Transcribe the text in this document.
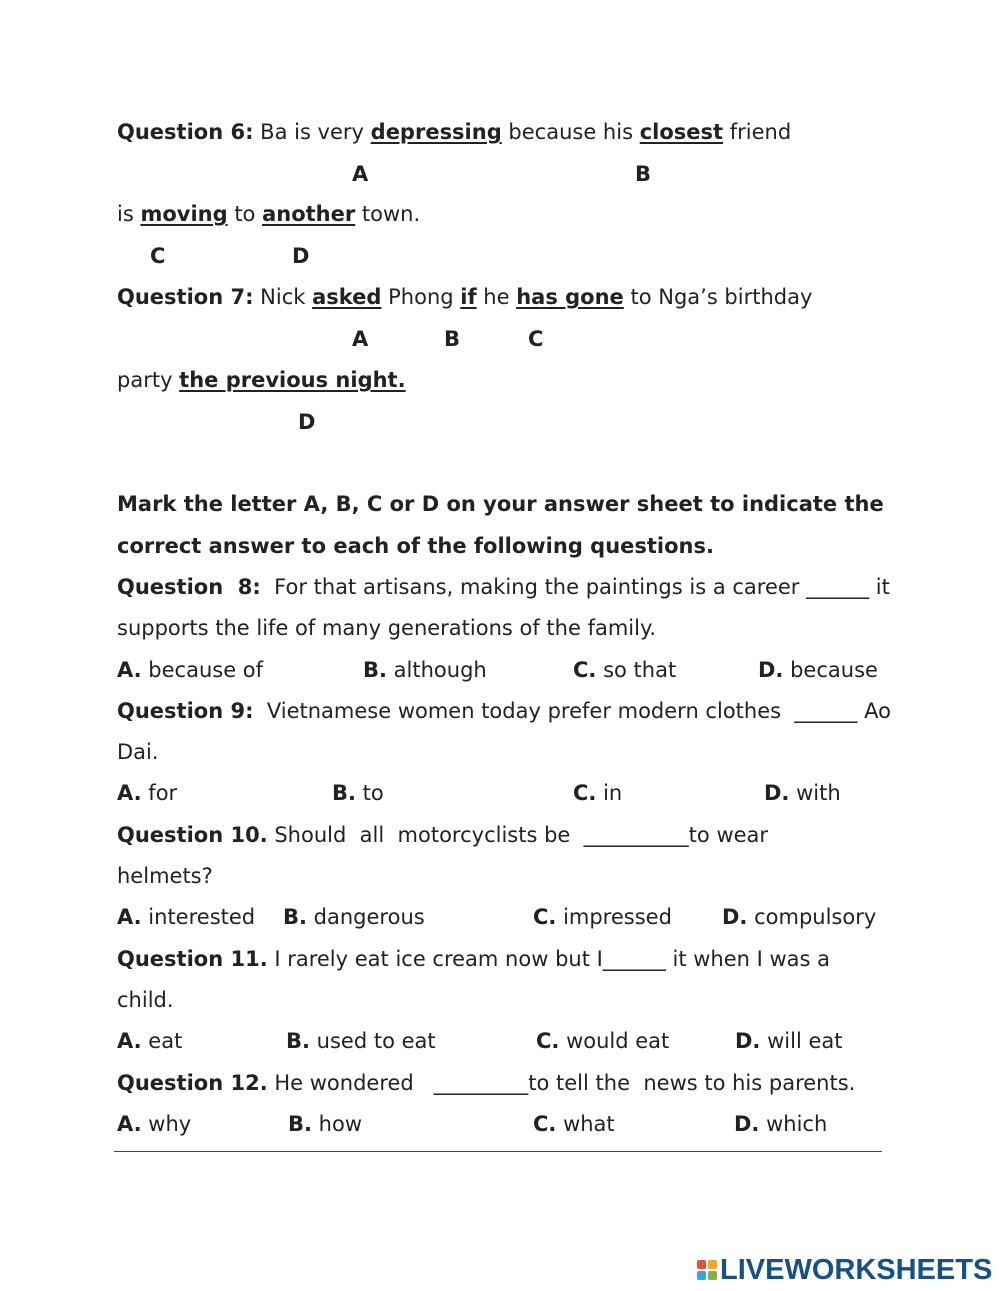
Question 6: Ba is very depressing because his closest friend
A	B
is moving to another town.
C	D
Question 7: Nick asked Phong if he has gone to Nga’s birthday
A	B	C
party the previous night.
D
Mark the letter A, B, C or D on your answer sheet to indicate the
correct answer to each of the following questions.
Question  8:  For that artisans, making the paintings is a career ______ it
supports the life of many generations of the family.
A. because of	B. although	C. so that	D. because
Question 9:  Vietnamese women today prefer modern clothes  ______ Ao
Dai.
A. for	B. to	C. in	D. with
Question 10. Should  all  motorcyclists be  __________to wear
helmets?
A. interested B. dangerous	C. impressed D. compulsory
Question 11. I rarely eat ice cream now but I______ it when I was a
child.
A. eat	B. used to eat	C. would eat	D. will eat
Question 12. He wondered   _________to tell the  news to his parents.
A. why	B. how	C. what	D. which
LIVEWORKSHEETS
